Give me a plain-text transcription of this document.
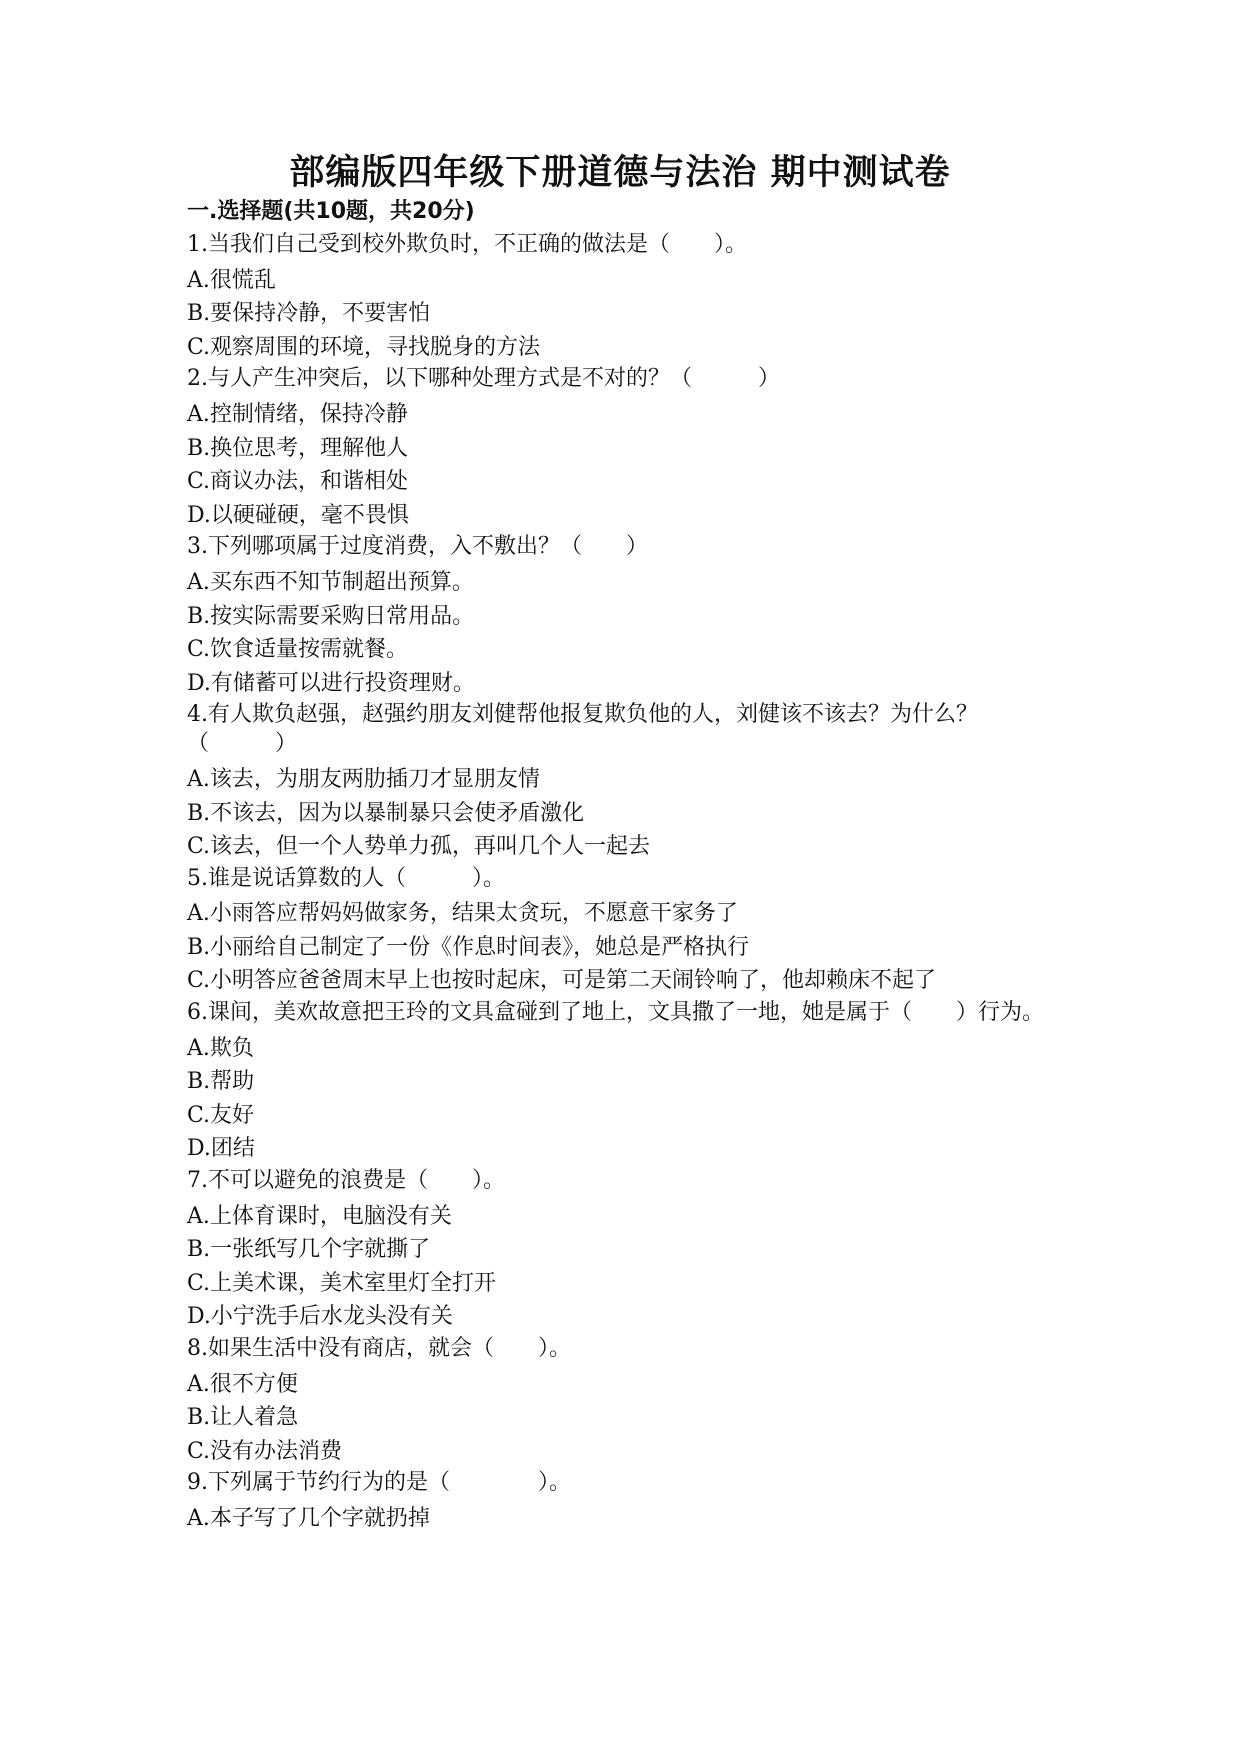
部编版四年级下册道德与法治 期中测试卷
一.选择题(共10题，共20分)
1.当我们自己受到校外欺负时，不正确的做法是（　　）。
A.很慌乱
B.要保持冷静，不要害怕
C.观察周围的环境，寻找脱身的方法
2.与人产生冲突后，以下哪种处理方式是不对的？（　　　）
A.控制情绪，保持冷静
B.换位思考，理解他人
C.商议办法，和谐相处
D.以硬碰硬，毫不畏惧
3.下列哪项属于过度消费，入不敷出？（　　）
A.买东西不知节制超出预算。
B.按实际需要采购日常用品。
C.饮食适量按需就餐。
D.有储蓄可以进行投资理财。
4.有人欺负赵强，赵强约朋友刘健帮他报复欺负他的人，刘健该不该去？为什么？（　　　）
A.该去，为朋友两肋插刀才显朋友情
B.不该去，因为以暴制暴只会使矛盾激化
C.该去，但一个人势单力孤，再叫几个人一起去
5.谁是说话算数的人（　　　）。
A.小雨答应帮妈妈做家务，结果太贪玩，不愿意干家务了
B.小丽给自己制定了一份《作息时间表》，她总是严格执行
C.小明答应爸爸周末早上也按时起床，可是第二天闹铃响了，他却赖床不起了
6.课间，美欢故意把王玲的文具盒碰到了地上，文具撒了一地，她是属于（　　）行为。
A.欺负
B.帮助
C.友好
D.团结
7.不可以避免的浪费是（　　）。
A.上体育课时，电脑没有关
B.一张纸写几个字就撕了
C.上美术课，美术室里灯全打开
D.小宁洗手后水龙头没有关
8.如果生活中没有商店，就会（　　）。
A.很不方便
B.让人着急
C.没有办法消费
9.下列属于节约行为的是（　　　　）。
A.本子写了几个字就扔掉
